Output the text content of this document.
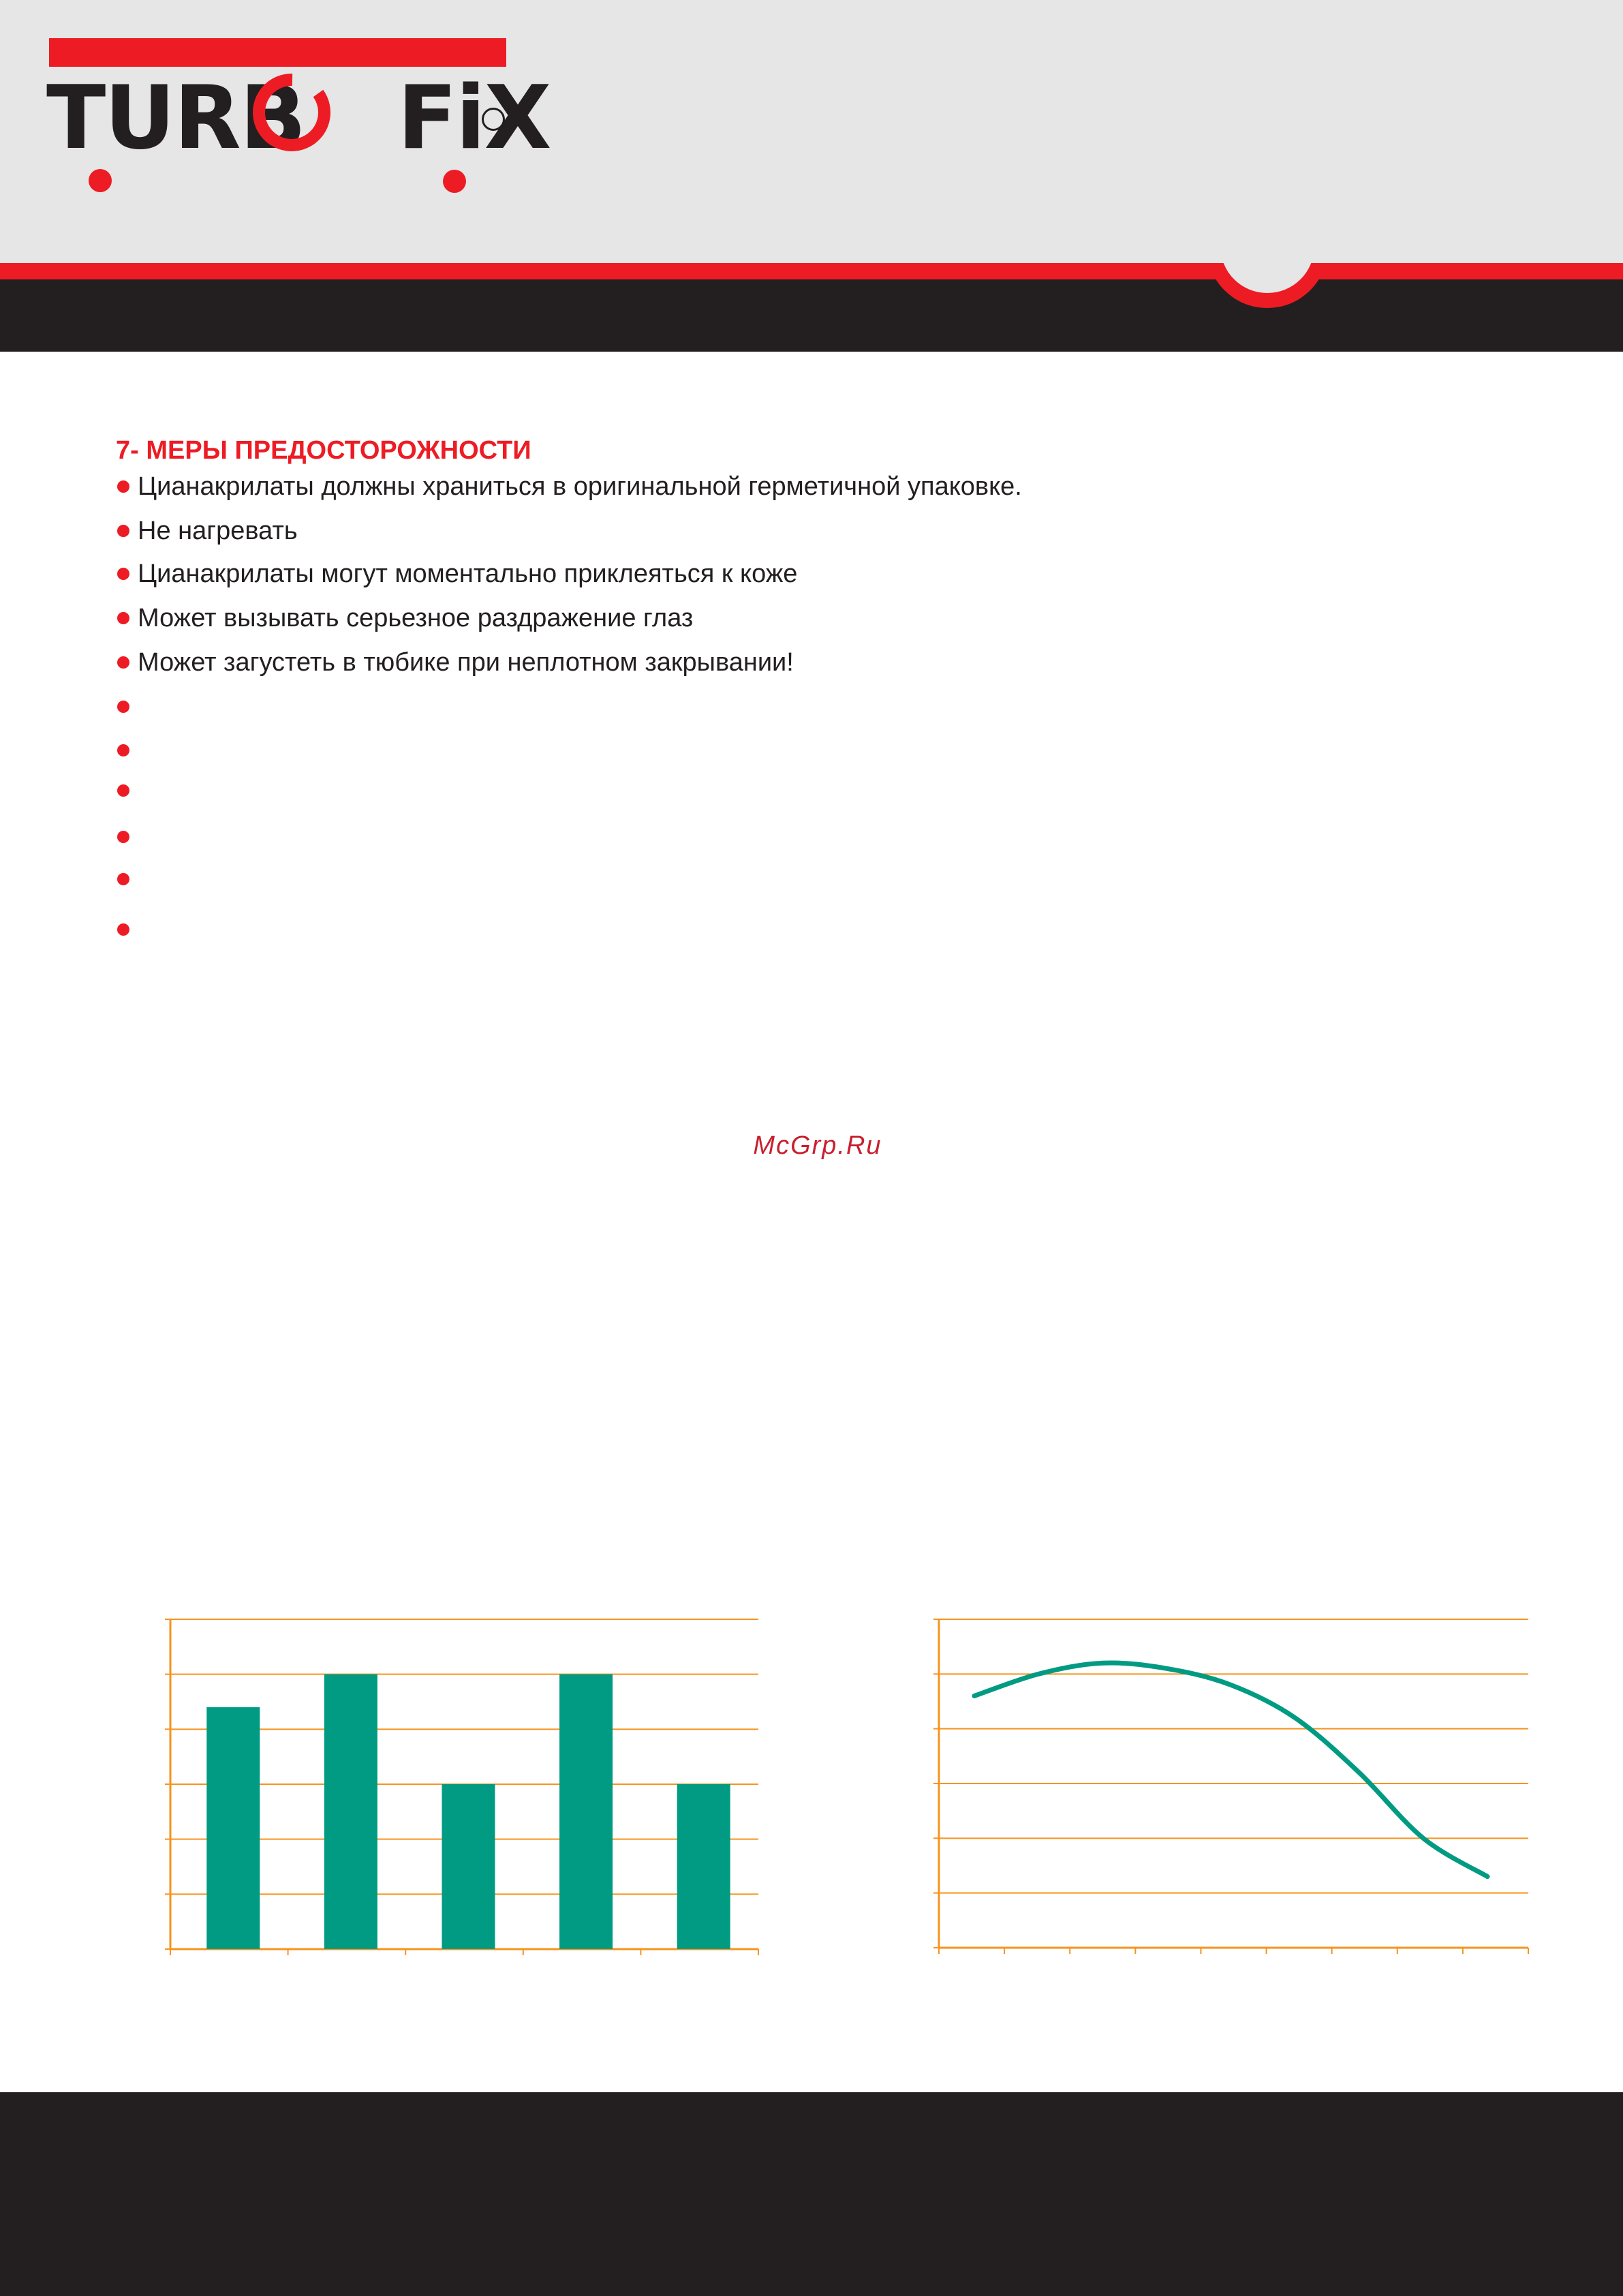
TURB FiX
7- МЕРЫ ПРЕДОСТОРОЖНОСТИ
Цианакрилаты должны храниться в оригинальной герметичной упаковке.
Не нагревать
Цианакрилаты могут моментально приклеяться к коже
Может вызывать серьезное раздражение глаз
Может загустеть в тюбике при неплотном закрывании!
McGrp.Ru
